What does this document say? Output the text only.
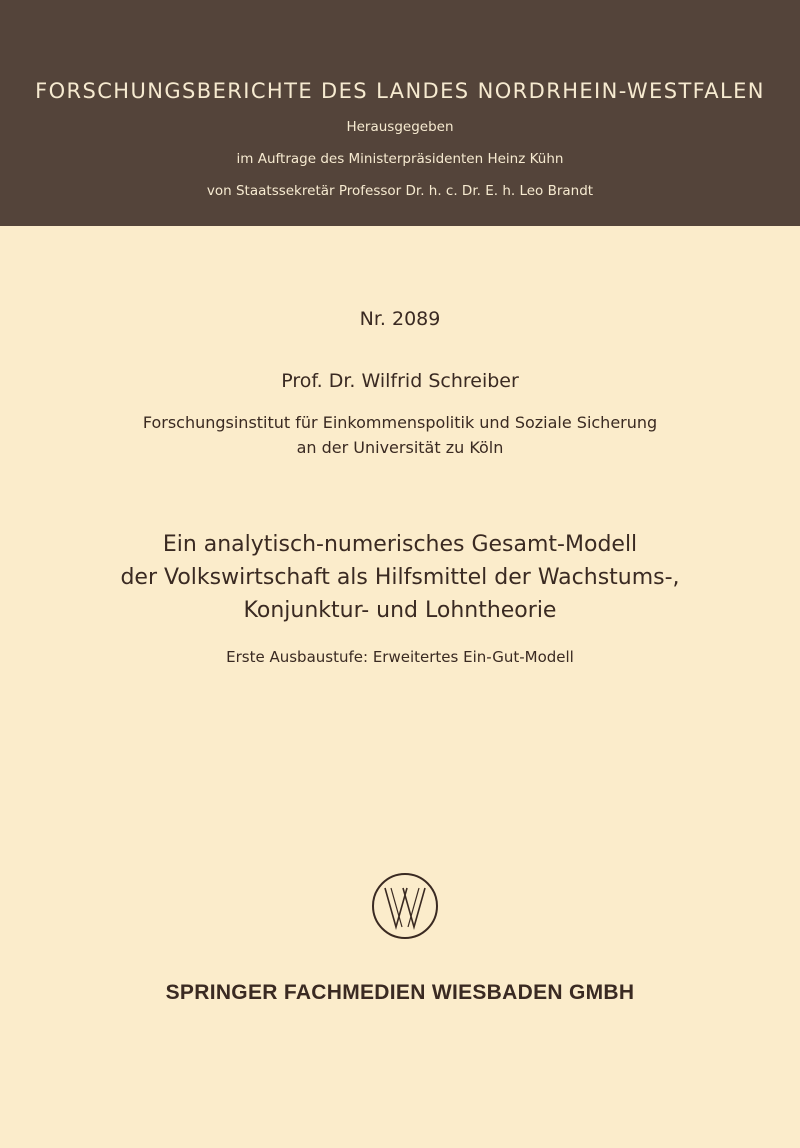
FORSCHUNGSBERICHTE DES LANDES NORDRHEIN-WESTFALEN
Herausgegeben
im Auftrage des Ministerpräsidenten Heinz Kühn
von Staatssekretär Professor Dr. h. c. Dr. E. h. Leo Brandt
Nr. 2089
Prof. Dr. Wilfrid Schreiber
Forschungsinstitut für Einkommenspolitik und Soziale Sicherung
an der Universität zu Köln
Ein analytisch-numerisches Gesamt-Modell
der Volkswirtschaft als Hilfsmittel der Wachstums-,
Konjunktur- und Lohntheorie
Erste Ausbaustufe: Erweitertes Ein-Gut-Modell
SPRINGER FACHMEDIEN WIESBADEN GMBH
